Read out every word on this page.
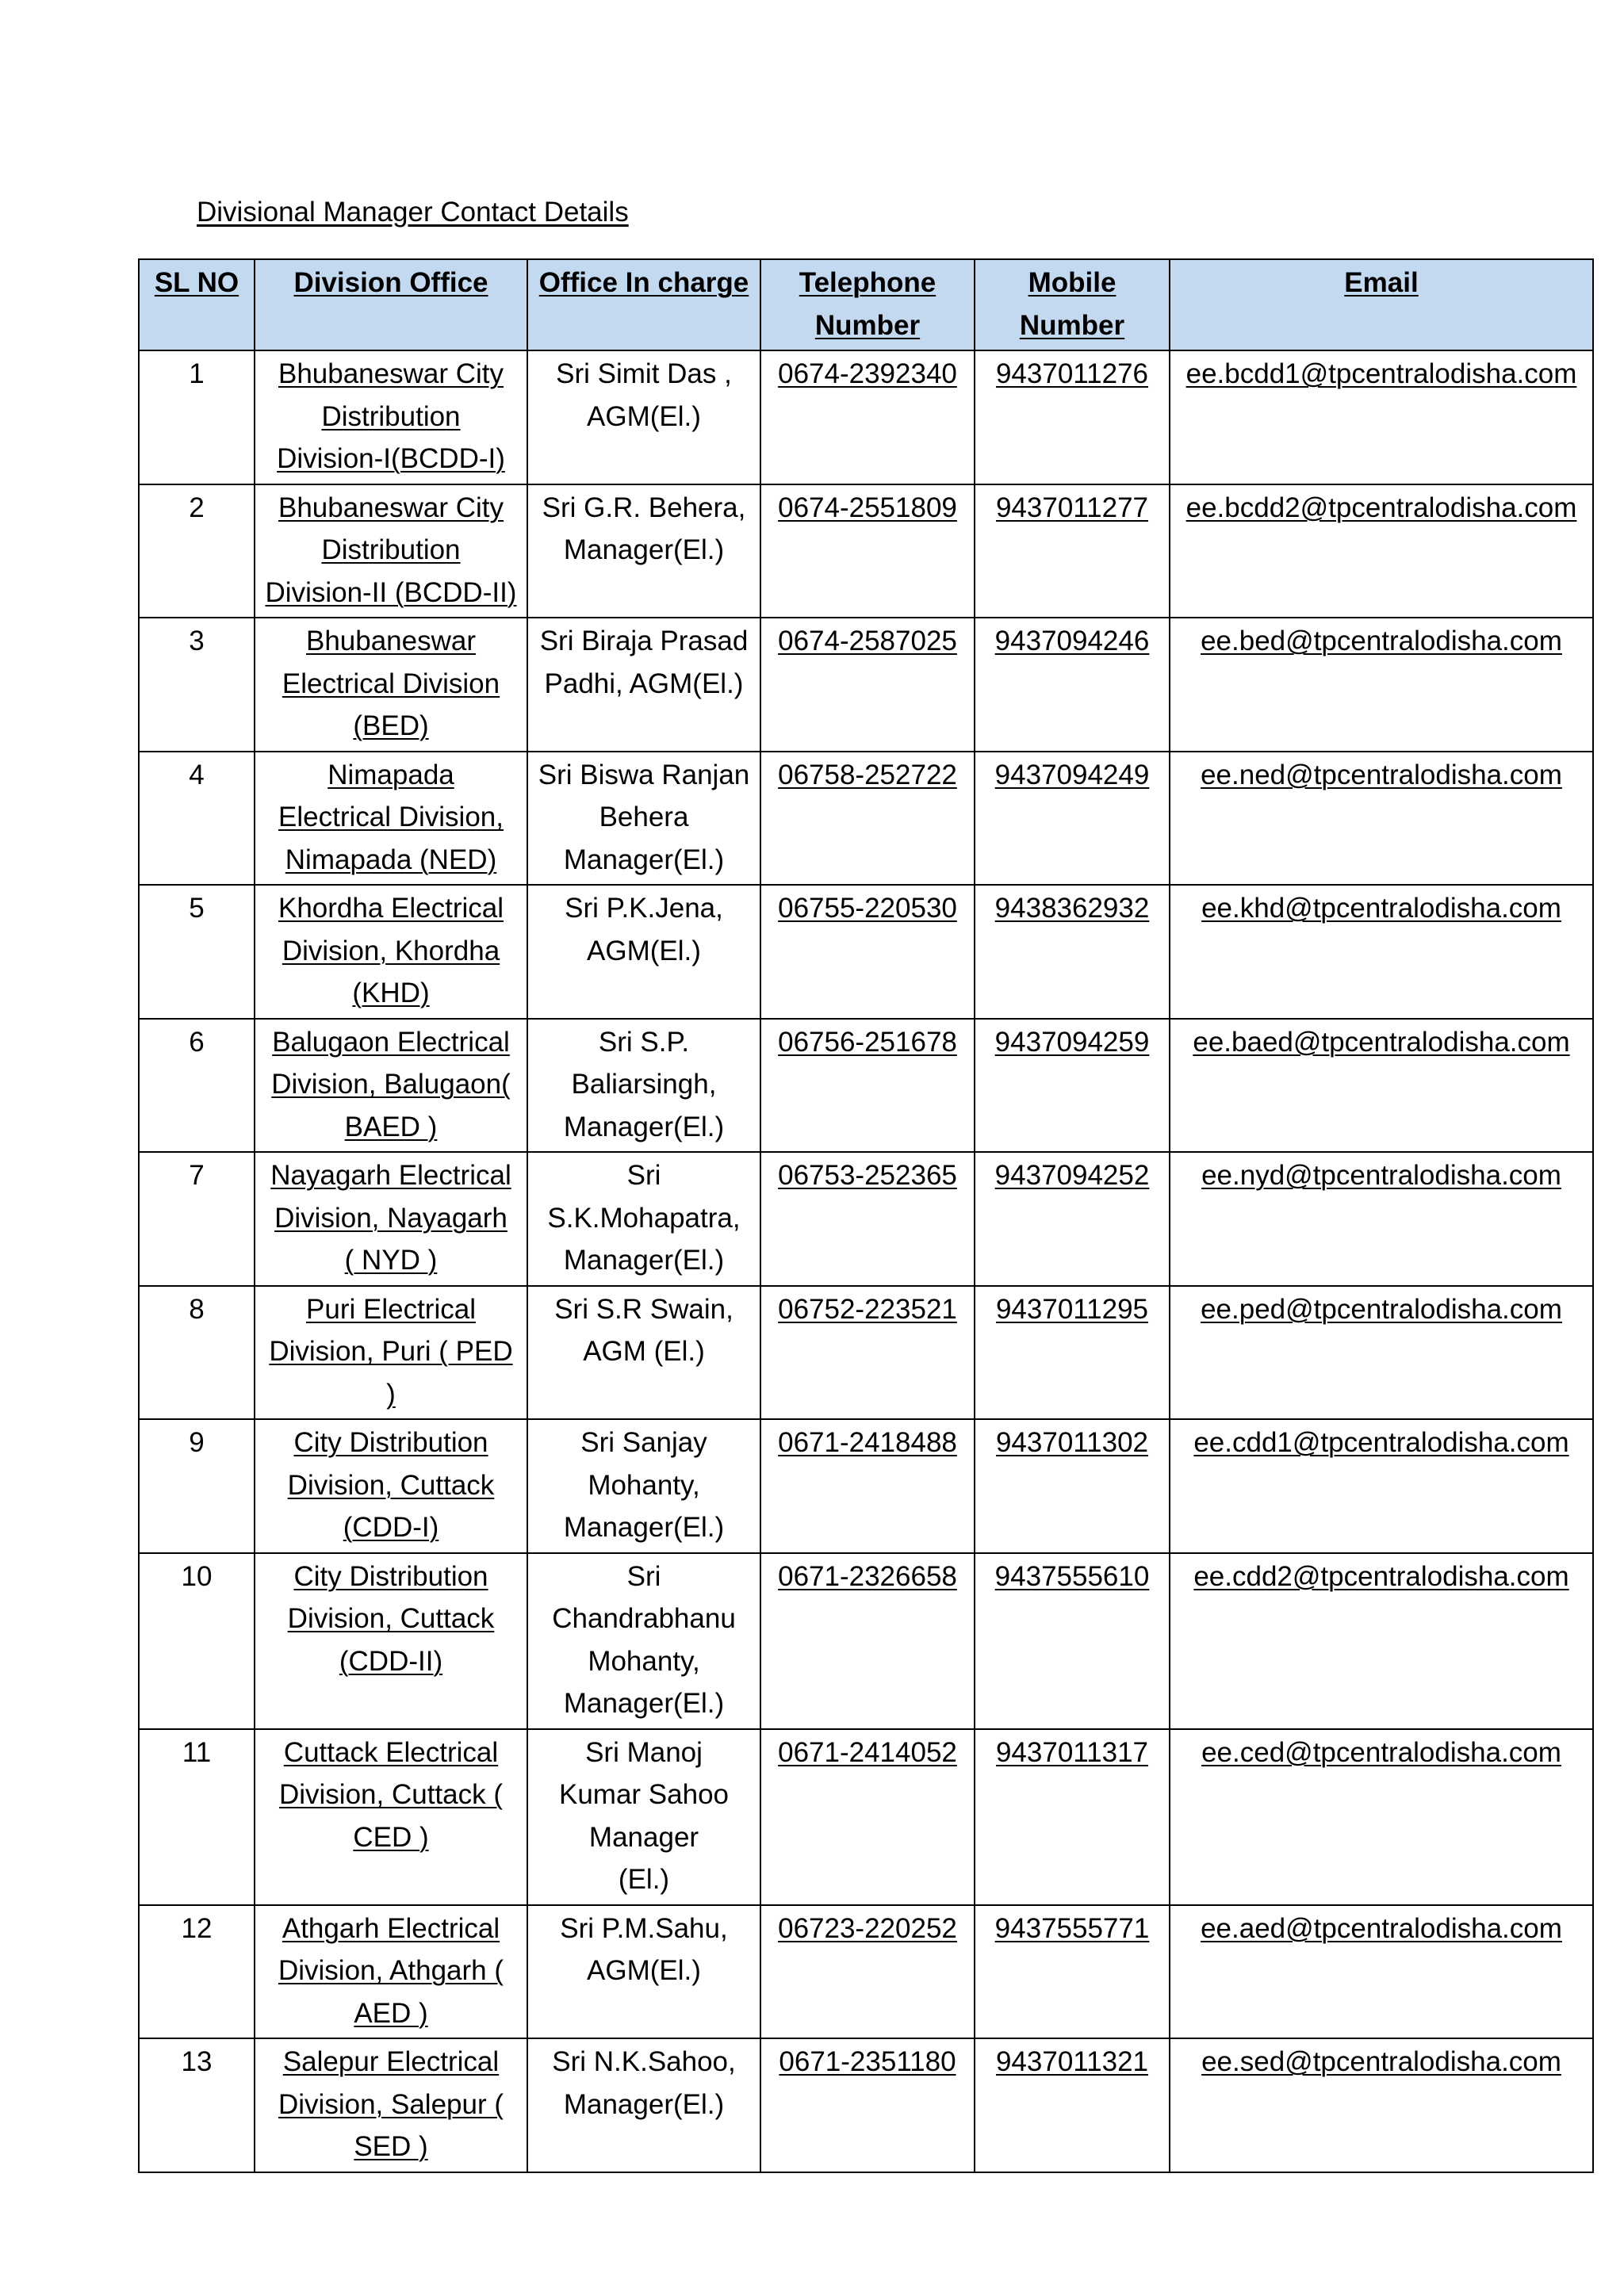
Divisional Manager Contact Details
SL NO	Division Office	Office In charge	Telephone
Number	Mobile
Number	Email
1	Bhubaneswar City
Distribution
Division-I(BCDD-I)	Sri Simit Das ,
AGM(El.)	0674-2392340	9437011276	ee.bcdd1@tpcentralodisha.com
2	Bhubaneswar City
Distribution
Division-II (BCDD-II)	Sri G.R. Behera,
Manager(El.)	0674-2551809	9437011277	ee.bcdd2@tpcentralodisha.com
3	Bhubaneswar
Electrical Division
(BED)	Sri Biraja Prasad
Padhi, AGM(El.)	0674-2587025	9437094246	ee.bed@tpcentralodisha.com
4	Nimapada
Electrical Division,
Nimapada (NED)	Sri Biswa Ranjan
Behera
Manager(El.)	06758-252722	9437094249	ee.ned@tpcentralodisha.com
5	Khordha Electrical
Division, Khordha
(KHD)	Sri P.K.Jena,
AGM(El.)	06755-220530	9438362932	ee.khd@tpcentralodisha.com
6	Balugaon Electrical
Division, Balugaon(
BAED )	Sri S.P.
Baliarsingh,
Manager(El.)	06756-251678	9437094259	ee.baed@tpcentralodisha.com
7	Nayagarh Electrical
Division, Nayagarh
( NYD )	Sri
S.K.Mohapatra,
Manager(El.)	06753-252365	9437094252	ee.nyd@tpcentralodisha.com
8	Puri Electrical
Division, Puri ( PED
)	Sri S.R Swain,
AGM (El.)	06752-223521	9437011295	ee.ped@tpcentralodisha.com
9	City Distribution
Division, Cuttack
(CDD-I)	Sri Sanjay
Mohanty,
Manager(El.)	0671-2418488	9437011302	ee.cdd1@tpcentralodisha.com
10	City Distribution
Division, Cuttack
(CDD-II)	Sri
Chandrabhanu
Mohanty,
Manager(El.)	0671-2326658	9437555610	ee.cdd2@tpcentralodisha.com
11	Cuttack Electrical
Division, Cuttack (
CED )	Sri Manoj
Kumar Sahoo
Manager
(El.)	0671-2414052	9437011317	ee.ced@tpcentralodisha.com
12	Athgarh Electrical
Division, Athgarh (
AED )	Sri P.M.Sahu,
AGM(El.)	06723-220252	9437555771	ee.aed@tpcentralodisha.com
13	Salepur Electrical
Division, Salepur (
SED )	Sri N.K.Sahoo,
Manager(El.)	0671-2351180	9437011321	ee.sed@tpcentralodisha.com
